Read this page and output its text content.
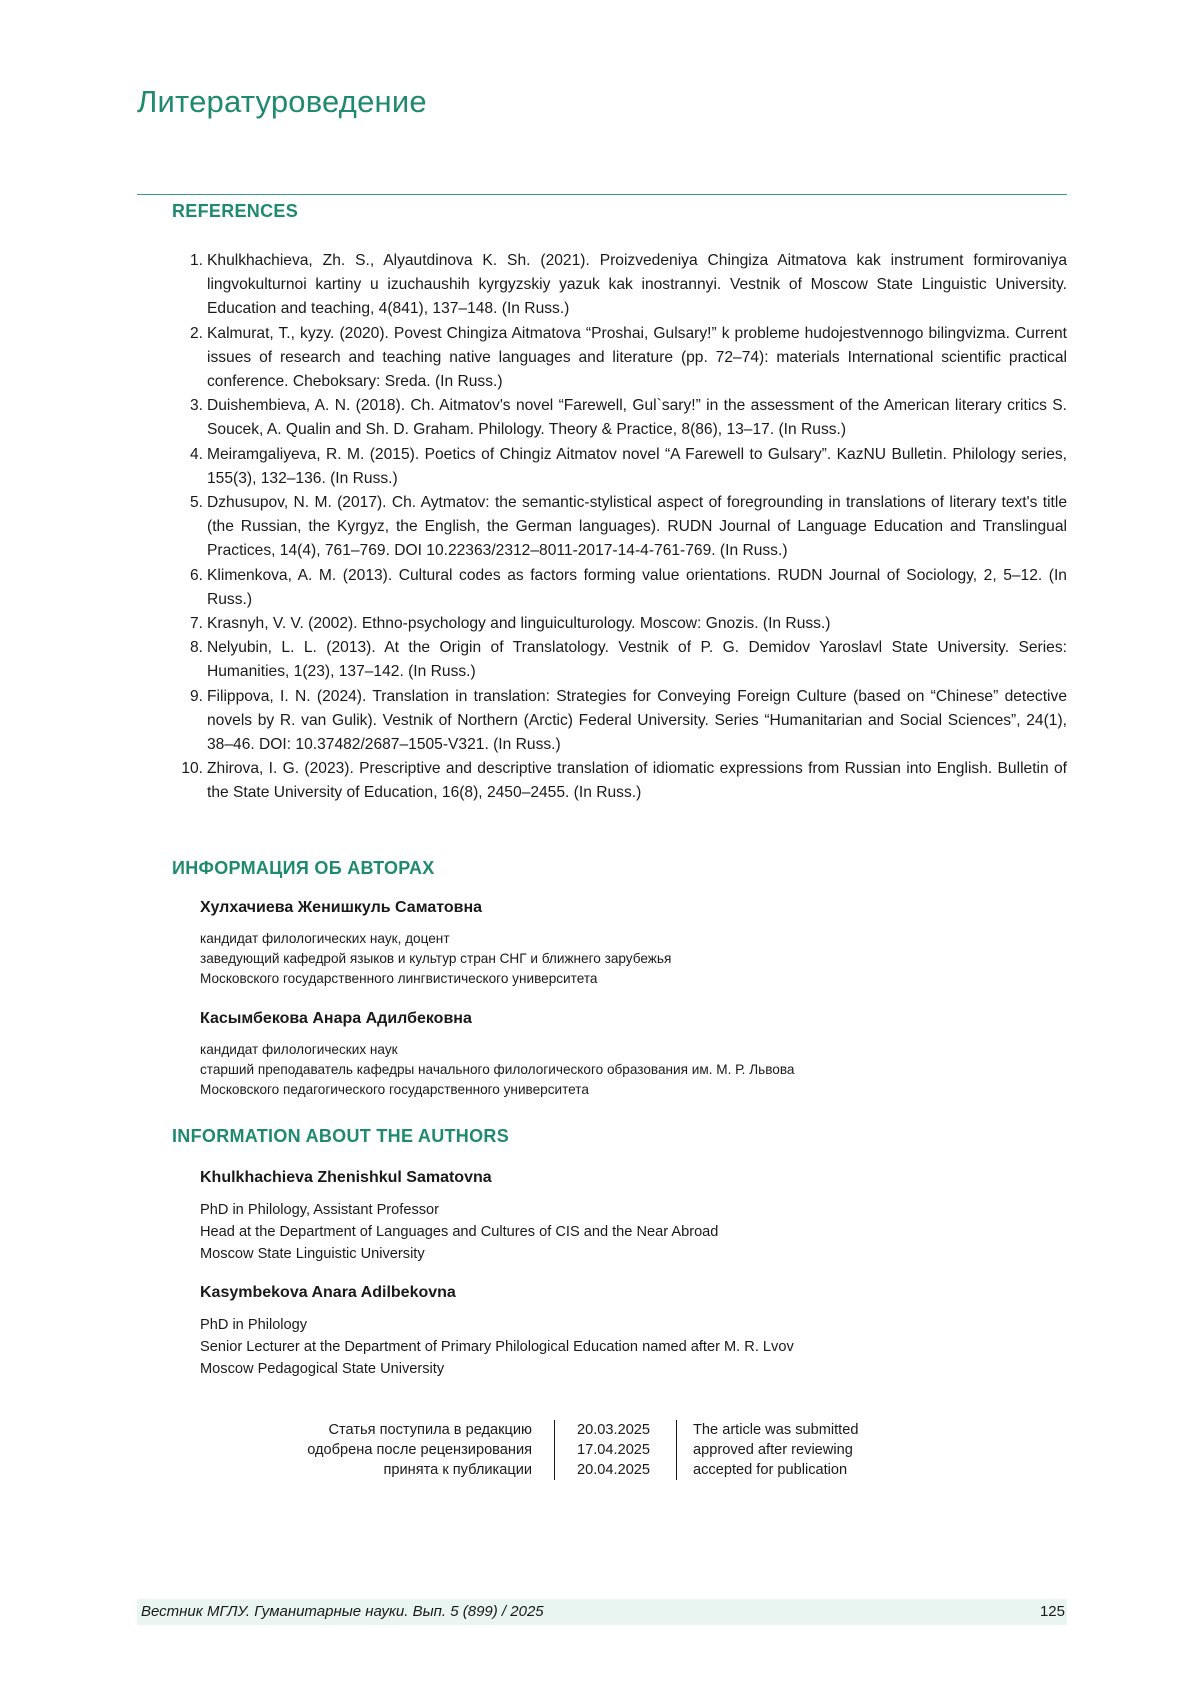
Литературоведение
REFERENCES
1. Khulkhachieva, Zh. S., Alyautdinova K. Sh. (2021). Proizvedeniya Chingiza Aitmatova kak instrument formirovaniya lingvokulturnoi kartiny u izuchaushih kyrgyzskiy yazuk kak inostrannyi. Vestnik of Moscow State Linguistic University. Education and teaching, 4(841), 137–148. (In Russ.)
2. Kalmurat, T., kyzy. (2020). Povest Chingiza Aitmatova “Proshai, Gulsary!” k probleme hudojestvennogo bilingvizma. Current issues of research and teaching native languages and literature (pp. 72–74): materials International scientific practical conference. Cheboksary: Sreda. (In Russ.)
3. Duishembieva, A. N. (2018). Ch. Aitmatov's novel “Farewell, Gul`sary!” in the assessment of the American literary critics S. Soucek, A. Qualin and Sh. D. Graham. Philology. Theory & Practice, 8(86), 13–17. (In Russ.)
4. Meiramgaliyeva, R. M. (2015). Poetics of Chingiz Aitmatov novel “A Farewell to Gulsary”. KazNU Bulletin. Philology series, 155(3), 132–136. (In Russ.)
5. Dzhusupov, N. M. (2017). Ch. Aytmatov: the semantic-stylistical aspect of foregrounding in translations of literary text's title (the Russian, the Kyrgyz, the English, the German languages). RUDN Journal of Language Education and Translingual Practices, 14(4), 761–769. DOI 10.22363/2312–8011-2017-14-4-761-769. (In Russ.)
6. Klimenkova, A. M. (2013). Cultural codes as factors forming value orientations. RUDN Journal of Sociology, 2, 5–12. (In Russ.)
7. Krasnyh, V. V. (2002). Ethno-psychology and linguiculturology. Moscow: Gnozis. (In Russ.)
8. Nelyubin, L. L. (2013). At the Origin of Translatology. Vestnik of P. G. Demidov Yaroslavl State University. Series: Humanities, 1(23), 137–142. (In Russ.)
9. Filippova, I. N. (2024). Translation in translation: Strategies for Conveying Foreign Culture (based on “Chinese” detective novels by R. van Gulik). Vestnik of Northern (Arctic) Federal University. Series “Humanitarian and Social Sciences”, 24(1), 38–46. DOI: 10.37482/2687–1505-V321. (In Russ.)
10. Zhirova, I. G. (2023). Prescriptive and descriptive translation of idiomatic expressions from Russian into English. Bulletin of the State University of Education, 16(8), 2450–2455. (In Russ.)
ИНФОРМАЦИЯ ОБ АВТОРАХ
Хулхачиева Женишкуль Саматовна
кандидат филологических наук, доцент
заведующий кафедрой языков и культур стран СНГ и ближнего зарубежья
Московского государственного лингвистического университета
Касымбекова Анара Адилбековна
кандидат филологических наук
старший преподаватель кафедры начального филологического образования им. М. Р. Львова
Московского педагогического государственного университета
INFORMATION ABOUT THE AUTHORS
Khulkhachieva Zhenishkul Samatovna
PhD in Philology, Assistant Professor
Head at the Department of Languages and Cultures of CIS and the Near Abroad
Moscow State Linguistic University
Kasymbekova Anara Adilbekovna
PhD in Philology
Senior Lecturer at the Department of Primary Philological Education named after M. R. Lvov
Moscow Pedagogical State University
Статья поступила в редакцию
одобрена после рецензирования
принята к публикации
20.03.2025
17.04.2025
20.04.2025
The article was submitted
approved after reviewing
accepted for publication
Вестник МГЛУ. Гуманитарные науки. Вып. 5 (899) / 2025	125
